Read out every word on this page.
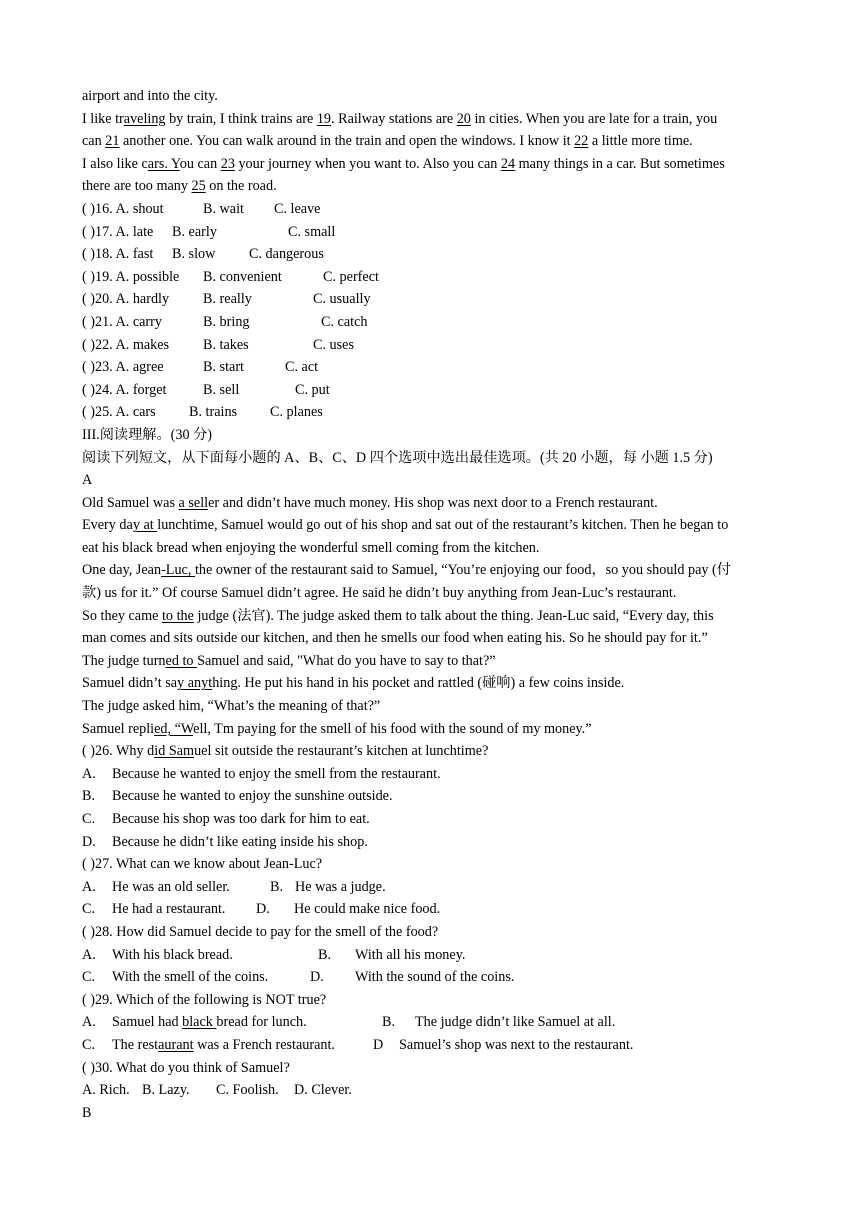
airport and into the city.
I like traveling by train, I think trains are 19. Railway stations are 20 in cities. When you are late for a train, you
can 21 another one. You can walk around in the train and open the windows. I know it 22 a little more time.
I also like cars. You can 23 your journey when you want to. Also you can 24 many things in a car. But sometimes
there are too many 25 on the road.
( )16. A. shout	B. wait C. leave
( )17. A. late B. early	C. small
( )18. A. fast B. slow C. dangerous
( )19. A. possible B. convenient	C. perfect
( )20. A. hardly B. really	C. usually
( )21. A. carry	B. bring	C. catch
( )22. A. makes B. takes	C. uses
( )23. A. agree	B. start	C. act
( )24. A. forget	B. sell	C. put
( )25. A. cars B. trains C. planes
III.阅读理解。(30 分)
阅读下列短文，从下面每小题的 A、B、C、D 四个选项中选出最佳选项。(共 20 小题，每 小题 1.5 分)
A
Old Samuel was a seller and didn’t have much money. His shop was next door to a French restaurant.
Every day at lunchtime, Samuel would go out of his shop and sat out of the restaurant’s kitchen. Then he began to
eat his black bread when enjoying the wonderful smell coming from the kitchen.
One day, Jean-Luc, the owner of the restaurant said to Samuel, “You’re enjoying our food，so you should pay (付
款) us for it.” Of course Samuel didn’t agree. He said he didn’t buy anything from Jean-Luc’s restaurant.
So they came to the judge (法官). The judge asked them to talk about the thing. Jean-Luc said, “Every day, this
man comes and sits outside our kitchen, and then he smells our food when eating his. So he should pay for it.”
The judge turned to Samuel and said, "What do you have to say to that?”
Samuel didn’t say anything. He put his hand in his pocket and rattled (碰响) a few coins inside.
The judge asked him, “What’s the meaning of that?”
Samuel replied, “Well, Tm paying for the smell of his food with the sound of my money.”
( )26. Why did Samuel sit outside the restaurant’s kitchen at lunchtime?
A. Because he wanted to enjoy the smell from the restaurant.
B. Because he wanted to enjoy the sunshine outside.
C. Because his shop was too dark for him to eat.
D. Because he didn’t like eating inside his shop.
( )27. What can we know about Jean-Luc?
A. He was an old seller.	B. He was a judge.
C. He had a restaurant. D. He could make nice food.
( )28. How did Samuel decide to pay for the smell of the food?
A. With his black bread.	B. With all his money.
C. With the smell of the coins.	D. With the sound of the coins.
( )29. Which of the following is NOT true?
A. Samuel had black bread for lunch.	B. The judge didn’t like Samuel at all.
C. The restaurant was a French restaurant.	D Samuel’s shop was next to the restaurant.
( )30. What do you think of Samuel?
A. Rich. B. Lazy. C. Foolish. D. Clever.
B
